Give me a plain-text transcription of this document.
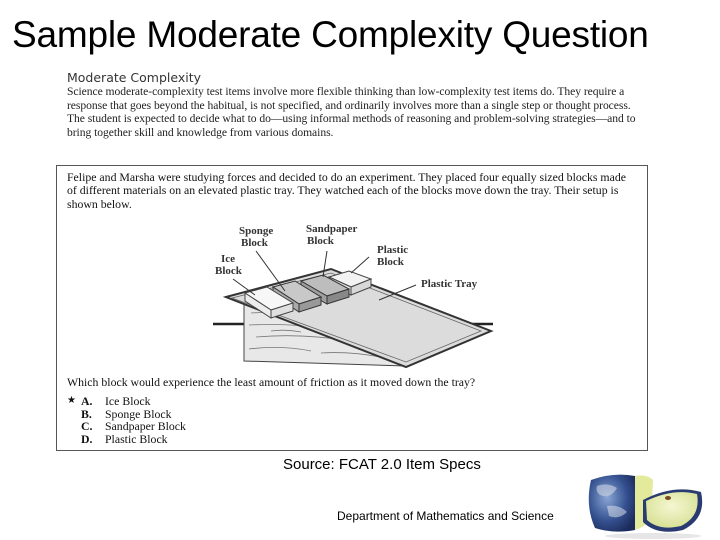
Sample Moderate Complexity Question
Moderate Complexity
Science moderate-complexity test items involve more flexible thinking than low-complexity test items do. They require a response that goes beyond the habitual, is not specified, and ordinarily involves more than a single step or thought process. The student is expected to decide what to do—using informal methods of reasoning and problem-solving strategies—and to bring together skill and knowledge from various domains.
Felipe and Marsha were studying forces and decided to do an experiment. They placed four equally sized blocks made of different materials on an elevated plastic tray. They watched each of the blocks move down the tray. Their setup is shown below.
Sponge
Block
Sandpaper
Block
Ice
Block
Plastic
Block
Plastic Tray
Which block would experience the least amount of friction as it moved down the tray?
★ A.	Ice Block
B.	Sponge Block
C.	Sandpaper Block
D.	Plastic Block
Source: FCAT 2.0 Item Specs
Department of Mathematics and Science
